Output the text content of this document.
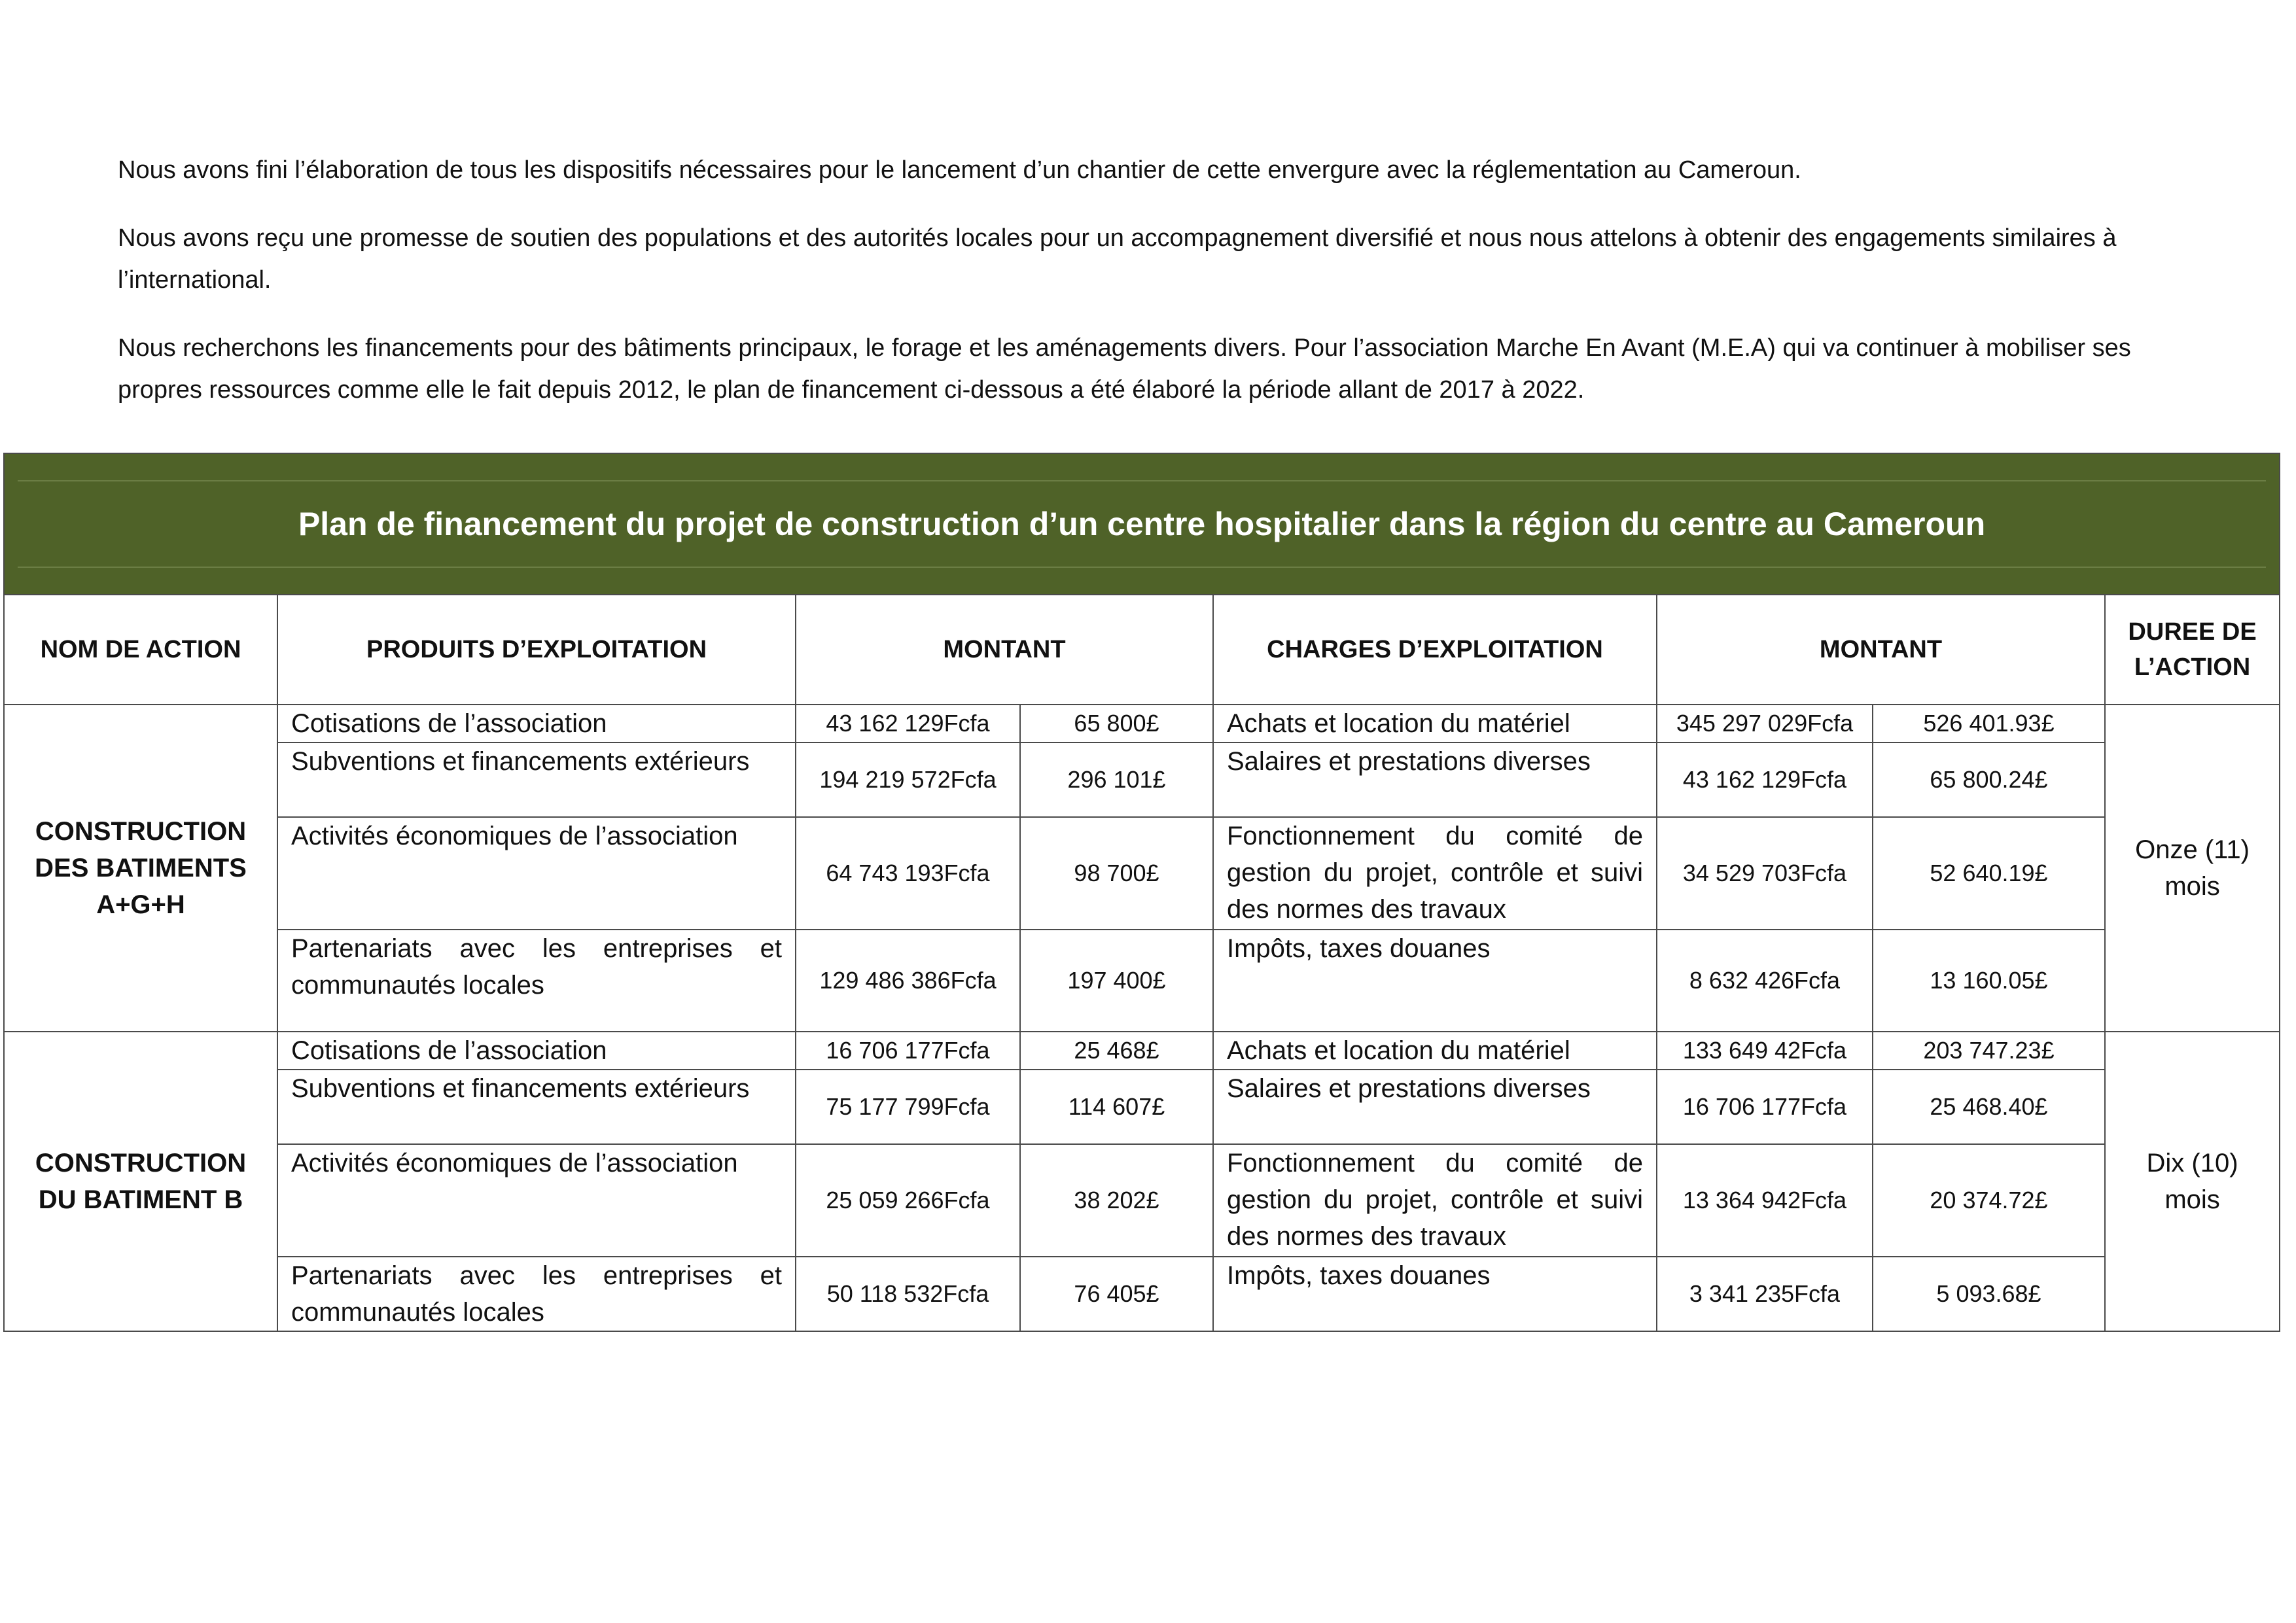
Nous avons fini l’élaboration de tous les dispositifs nécessaires pour le lancement d’un chantier de cette envergure avec la réglementation au Cameroun.

Nous avons reçu une promesse de soutien des populations et des autorités locales pour un accompagnement diversifié et nous nous attelons à obtenir des engagements similaires à l’international.

Nous recherchons les financements pour des bâtiments principaux, le forage et les aménagements divers. Pour l’association Marche En Avant (M.E.A) qui va continuer à mobiliser ses propres ressources comme elle le fait depuis 2012, le plan de financement ci-dessous a été élaboré la période allant de 2017 à 2022.

Plan de financement du projet de construction d’un centre hospitalier dans la région du centre au Cameroun							

NOM DE ACTION	PRODUITS D’EXPLOITATION	MONTANT		CHARGES D’EXPLOITATION	MONTANT		DUREE DE L’ACTION
CONSTRUCTION DES BATIMENTS A+G+H	Cotisations de l’association	43 162 129Fcfa	65 800£	Achats et location du matériel	345 297 029Fcfa	526 401.93£	Onze (11) mois
	Subventions et financements extérieurs	194 219 572Fcfa	296 101£	Salaires et prestations diverses	43 162 129Fcfa	65 800.24£	
	Activités économiques de l’association	64 743 193Fcfa	98 700£	Fonctionnement du comité de gestion du projet, contrôle et suivi des normes des travaux	34 529 703Fcfa	52 640.19£	
	Partenariats avec les entreprises et communautés locales	129 486 386Fcfa	197 400£	Impôts, taxes douanes	8 632 426Fcfa	13 160.05£	
CONSTRUCTION DU BATIMENT B	Cotisations de l’association	16 706 177Fcfa	25 468£	Achats et location du matériel	133 649 42Fcfa	203 747.23£	Dix (10) mois
	Subventions et financements extérieurs	75 177 799Fcfa	114 607£	Salaires et prestations diverses	16 706 177Fcfa	25 468.40£	
	Activités économiques de l’association	25 059 266Fcfa	38 202£	Fonctionnement du comité de gestion du projet, contrôle et suivi des normes des travaux	13 364 942Fcfa	20 374.72£	
	Partenariats avec les entreprises et communautés locales	50 118 532Fcfa	76 405£	Impôts, taxes douanes	3 341 235Fcfa	5 093.68£	
